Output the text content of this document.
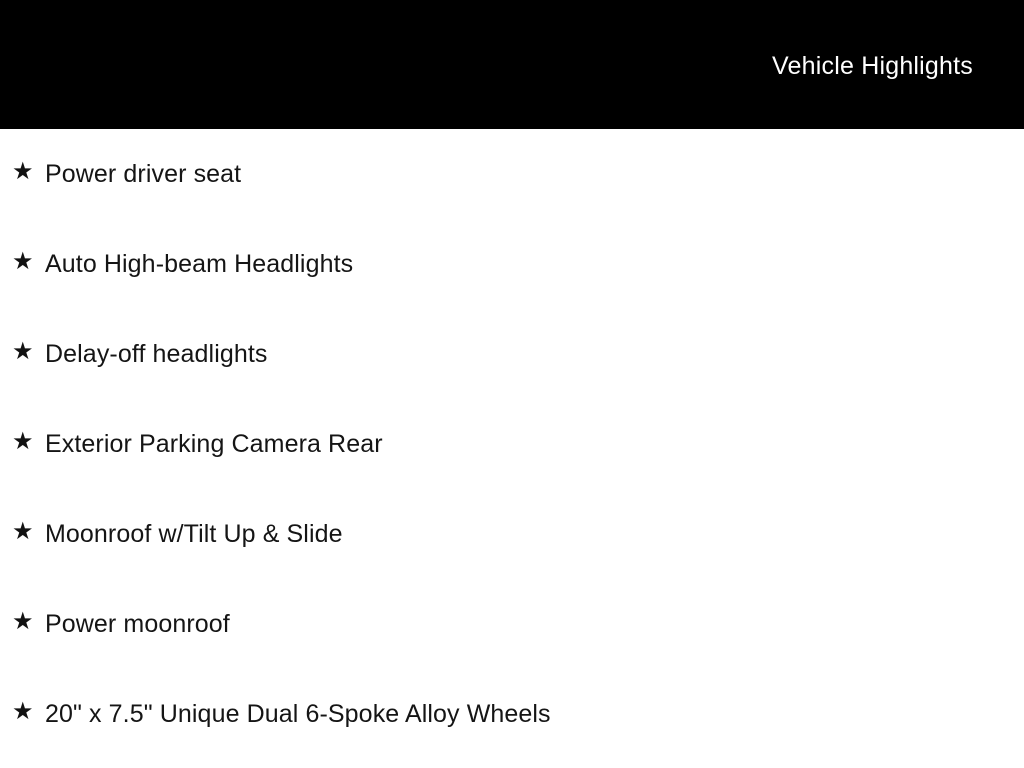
Vehicle Highlights
★ Power driver seat
★ Auto High-beam Headlights
★ Delay-off headlights
★ Exterior Parking Camera Rear
★ Moonroof w/Tilt Up & Slide
★ Power moonroof
★ 20" x 7.5" Unique Dual 6-Spoke Alloy Wheels
